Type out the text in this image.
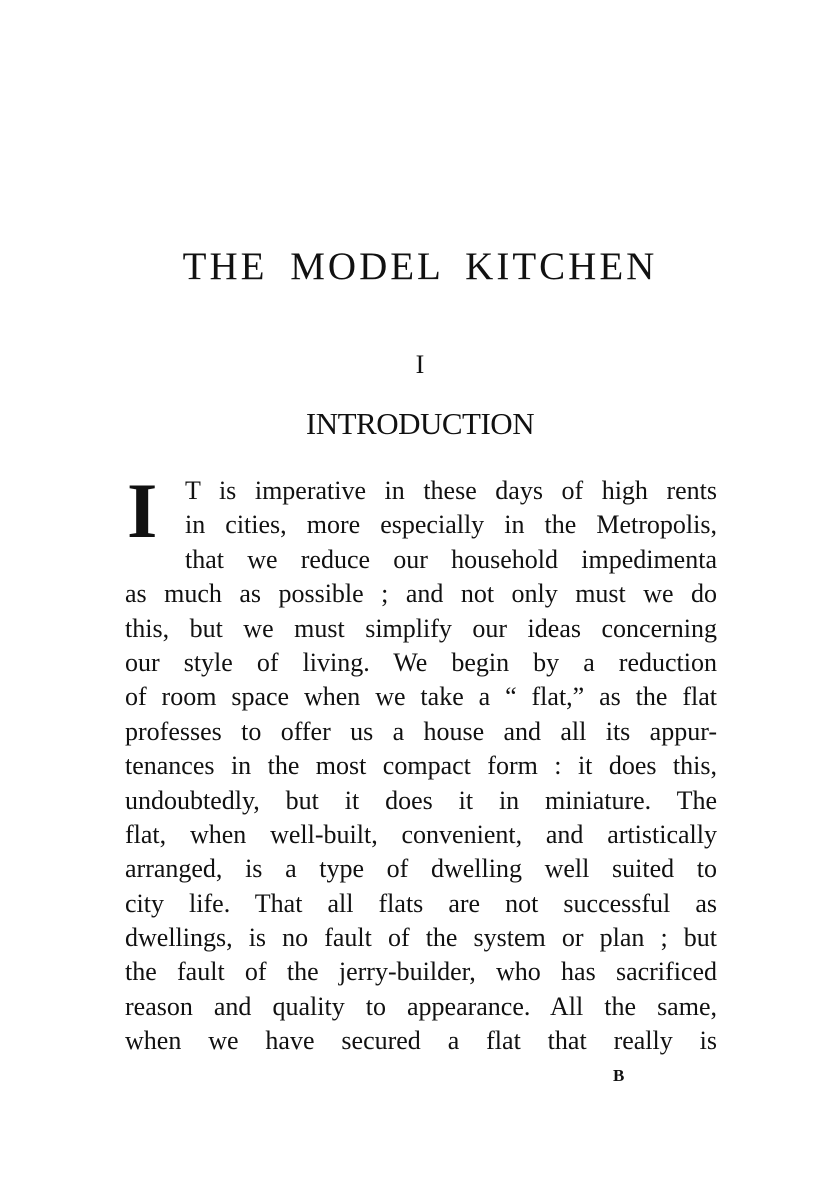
THE MODEL KITCHEN
I
INTRODUCTION
I	T is imperative in these days of high rents
in cities, more especially in the Metropolis,
that we reduce our household impedimenta
as much as possible ; and not only must we do
this, but we must simplify our ideas concerning
our style of living. We begin by a reduction
of room space when we take a “ flat,” as the flat
professes to offer us a house and all its appur-
tenances in the most compact form : it does this,
undoubtedly, but it does it in miniature. The
flat, when well-built, convenient, and artistically
arranged, is a type of dwelling well suited to
city life. That all flats are not successful as
dwellings, is no fault of the system or plan ; but
the fault of the jerry-builder, who has sacrificed
reason and quality to appearance. All the same,
when we have secured a flat that really is
B
